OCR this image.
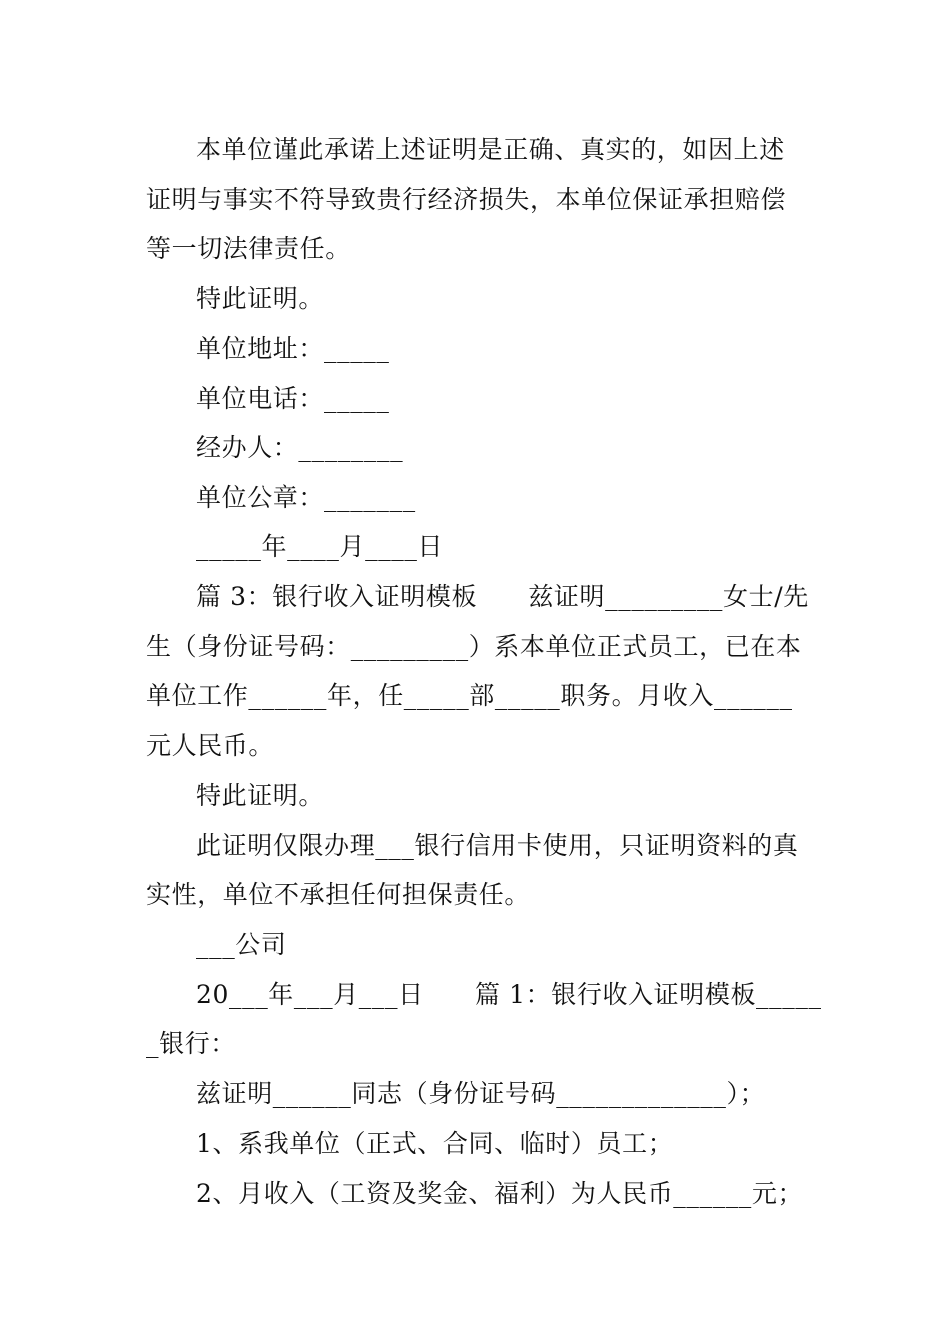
本单位谨此承诺上述证明是正确、真实的，如因上述
证明与事实不符导致贵行经济损失，本单位保证承担赔偿
等一切法律责任。
特此证明。
单位地址：_____
单位电话：_____
经办人：________
单位公章：_______
_____年____月____日
篇 3：银行收入证明模板      兹证明_________女士/先
生（身份证号码：_________）系本单位正式员工，已在本
单位工作______年，任_____部_____职务。月收入______
元人民币。
特此证明。
此证明仅限办理___银行信用卡使用，只证明资料的真
实性，单位不承担任何担保责任。
___公司
20___年___月___日      篇 1：银行收入证明模板_____
_银行：
兹证明______同志（身份证号码_____________）；
1、系我单位（正式、合同、临时）员工；
2、月收入（工资及奖金、福利）为人民币______元；
